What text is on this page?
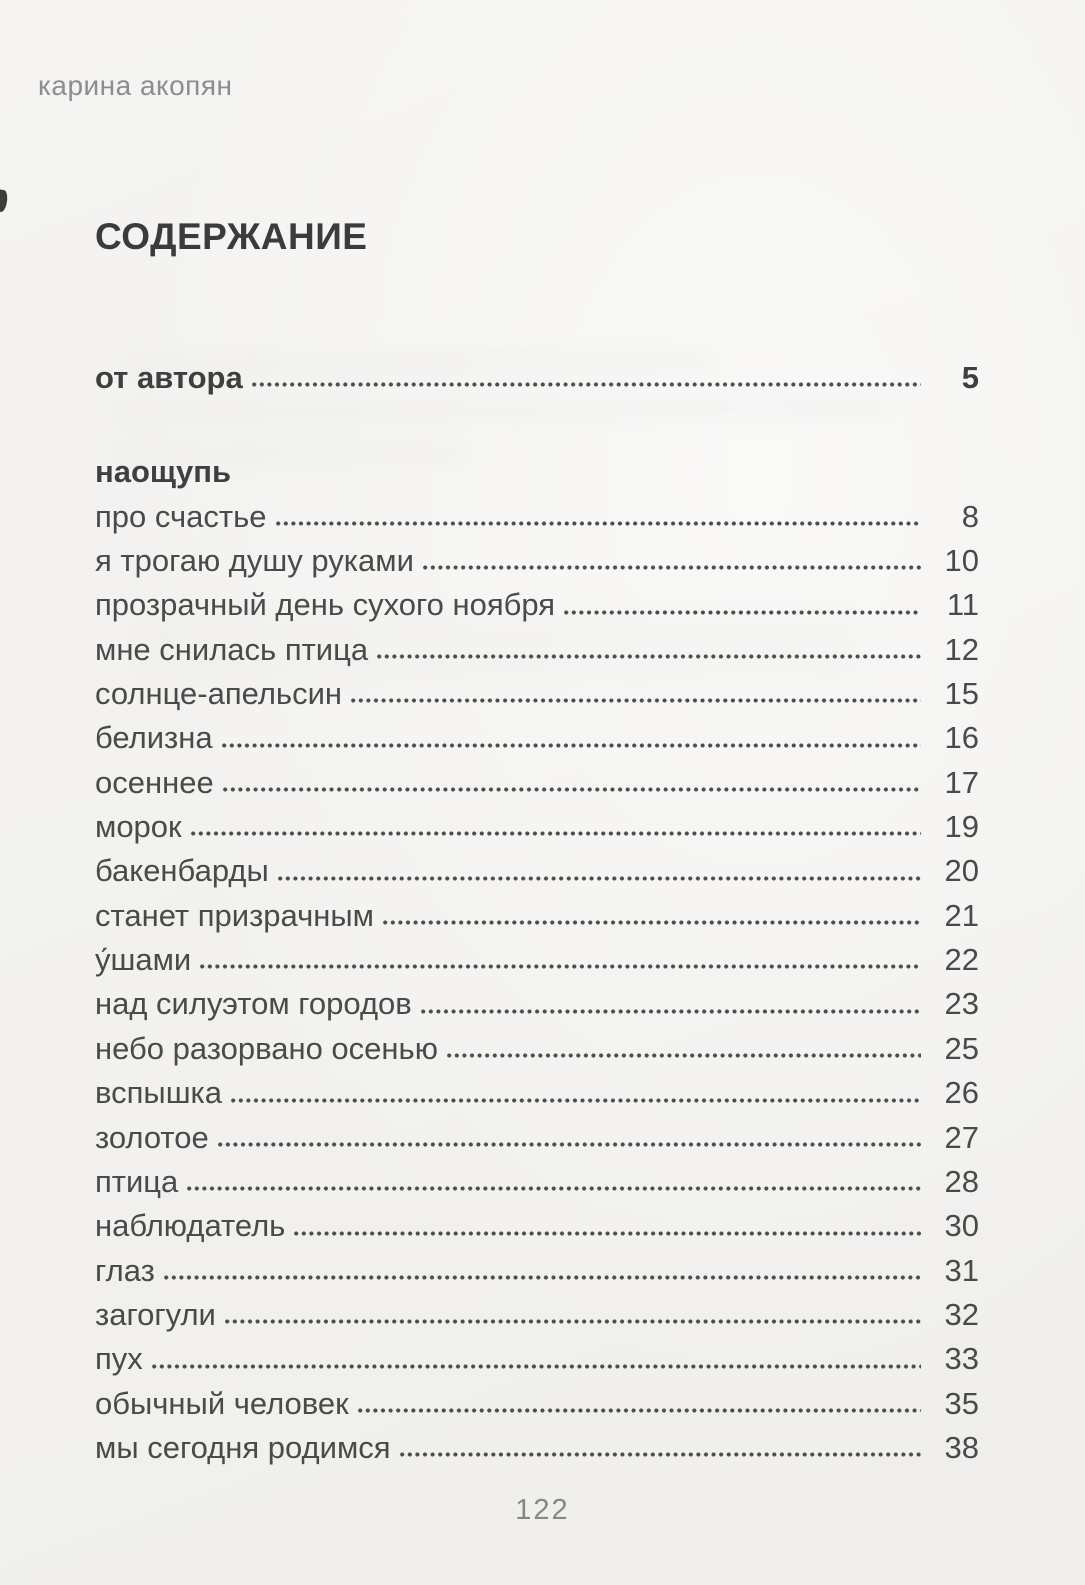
карина акопян
СОДЕРЖАНИЕ
от автора	5
наощупь
про счастье	8
я трогаю душу руками	10
прозрачный день сухого ноября	11
мне снилась птица	12
солнце-апельсин	15
белизна	16
осеннее	17
морок	19
бакенбарды	20
станет призрачным	21
у́шами	22
над силуэтом городов	23
небо разорвано осенью	25
вспышка	26
золотое	27
птица	28
наблюдатель	30
глаз	31
загогули	32
пух	33
обычный человек	35
мы сегодня родимся	38
122
